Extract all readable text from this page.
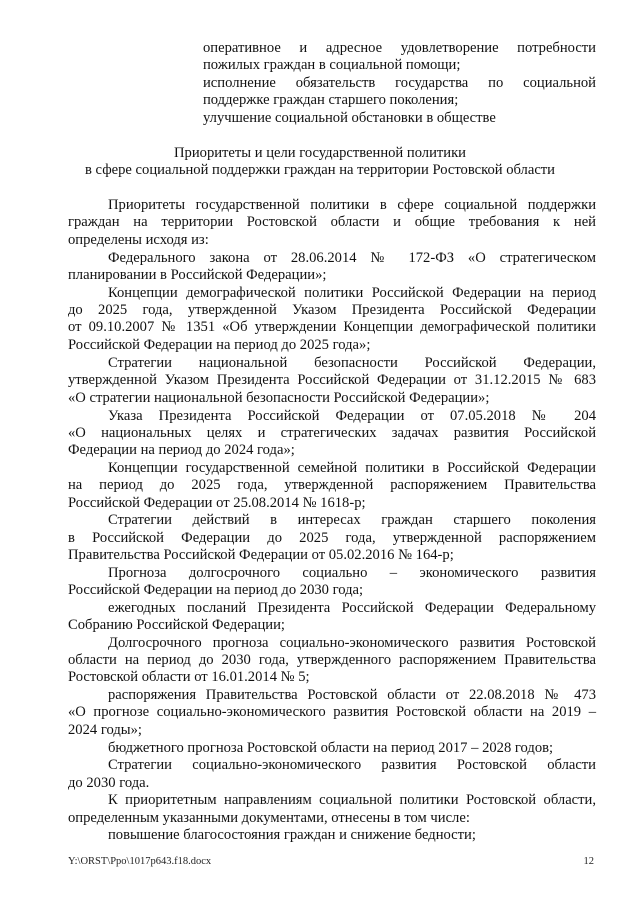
оперативное и адресное удовлетворение потребности
пожилых граждан в социальной помощи;
исполнение обязательств государства по социальной
поддержке граждан старшего поколения;
улучшение социальной обстановки в обществе
Приоритеты и цели государственной политики
в сфере социальной поддержки граждан на территории Ростовской области
Приоритеты государственной политики в сфере социальной поддержки
граждан на территории Ростовской области и общие требования к ней
определены исходя из:
Федерального закона от 28.06.2014 № 172-ФЗ «О стратегическом
планировании в Российской Федерации»;
Концепции демографической политики Российской Федерации на период
до 2025 года, утвержденной Указом Президента Российской Федерации
от 09.10.2007 № 1351 «Об утверждении Концепции демографической политики
Российской Федерации на период до 2025 года»;
Стратегии национальной безопасности Российской Федерации,
утвержденной Указом Президента Российской Федерации от 31.12.2015 № 683
«О стратегии национальной безопасности Российской Федерации»;
Указа Президента Российской Федерации от 07.05.2018 № 204
«О национальных целях и стратегических задачах развития Российской
Федерации на период до 2024 года»;
Концепции государственной семейной политики в Российской Федерации
на период до 2025 года, утвержденной распоряжением Правительства
Российской Федерации от 25.08.2014 № 1618-р;
Стратегии действий в интересах граждан старшего поколения
в Российской Федерации до 2025 года, утвержденной распоряжением
Правительства Российской Федерации от 05.02.2016 № 164-р;
Прогноза долгосрочного социально – экономического развития
Российской Федерации на период до 2030 года;
ежегодных посланий Президента Российской Федерации Федеральному
Собранию Российской Федерации;
Долгосрочного прогноза социально-экономического развития Ростовской
области на период до 2030 года, утвержденного распоряжением Правительства
Ростовской области от 16.01.2014 № 5;
распоряжения Правительства Ростовской области от 22.08.2018 № 473
«О прогнозе социально-экономического развития Ростовской области на 2019 –
2024 годы»;
бюджетного прогноза Ростовской области на период 2017 – 2028 годов;
Стратегии социально-экономического развития Ростовской области
до 2030 года.
К приоритетным направлениям социальной политики Ростовской области,
определенным указанными документами, отнесены в том числе:
повышение благосостояния граждан и снижение бедности;
Y:\ORST\Ppo\1017p643.f18.docx	12
